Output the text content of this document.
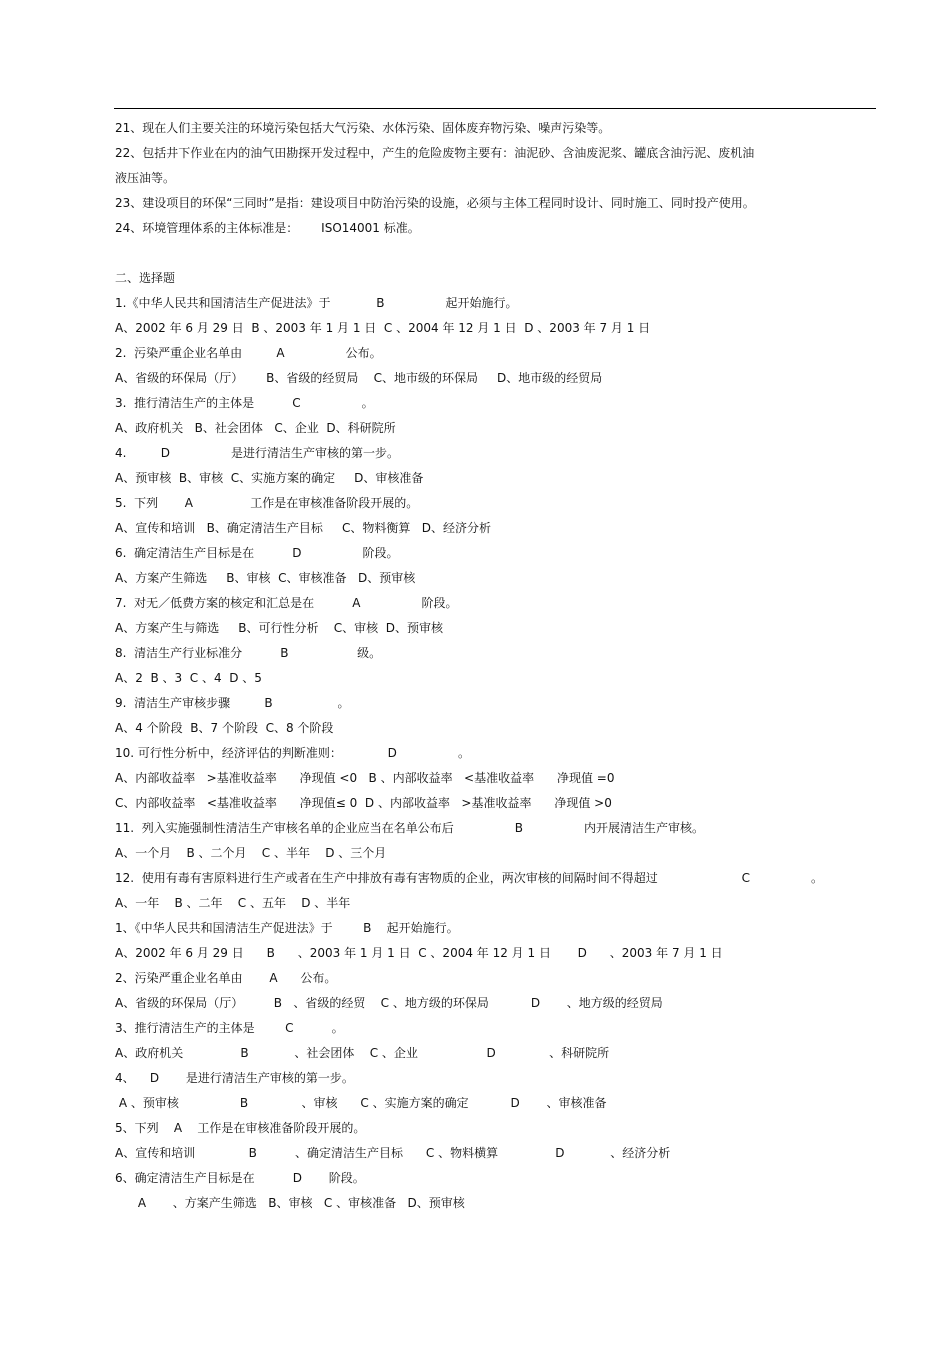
21、现在人们主要关注的环境污染包括大气污染、水体污染、固体废弃物污染、噪声污染等。
22、包括井下作业在内的油气田勘探开发过程中，产生的危险废物主要有：油泥砂、含油废泥浆、罐底含油污泥、废机油
液压油等。
23、建设项目的环保“三同时”是指：建设项目中防治污染的设施，必须与主体工程同时设计、同时施工、同时投产使用。
24、环境管理体系的主体标准是：      ISO14001 标准。
二、选择题
1.《中华人民共和国清洁生产促进法》于            B                起开始施行。
A、2002 年 6 月 29 日  B 、2003 年 1 月 1 日  C 、2004 年 12 月 1 日  D 、2003 年 7 月 1 日
2.  污染严重企业名单由         A                公布。
A、省级的环保局（厅）      B、省级的经贸局    C、地市级的环保局     D、地市级的经贸局
3.  推行清洁生产的主体是          C                。
A、政府机关   B、社会团体   C、企业  D、科研院所
4.         D                是进行清洁生产审核的第一步。
A、预审核  B、审核  C、实施方案的确定     D、审核准备
5.  下列       A               工作是在审核准备阶段开展的。
A、宣传和培训   B、确定清洁生产目标     C、物料衡算   D、经济分析
6.  确定清洁生产目标是在          D                阶段。
A、方案产生筛选     B、审核  C、审核准备   D、预审核
7.  对无／低费方案的核定和汇总是在          A                阶段。
A、方案产生与筛选     B、可行性分析    C、审核  D、预审核
8.  清洁生产行业标准分          B                  级。
A、2  B 、3  C 、4  D 、5
9.  清洁生产审核步骤         B                 。
A、4 个阶段  B、7 个阶段  C、8 个阶段
10. 可行性分析中，经济评估的判断准则：            D                。
A、内部收益率   >基准收益率      净现值 <0   B 、内部收益率   <基准收益率      净现值 =0
C、内部收益率   <基准收益率      净现值≤ 0  D 、内部收益率   >基准收益率      净现值 >0
11.  列入实施强制性清洁生产审核名单的企业应当在名单公布后                B                内开展清洁生产审核。
A、一个月    B 、二个月    C 、半年    D 、三个月
12.  使用有毒有害原料进行生产或者在生产中排放有毒有害物质的企业，两次审核的间隔时间不得超过                      C                。
A、一年    B 、二年    C 、五年    D 、半年
1、《中华人民共和国清洁生产促进法》于        B    起开始施行。
A、2002 年 6 月 29 日      B      、2003 年 1 月 1 日  C 、2004 年 12 月 1 日       D      、2003 年 7 月 1 日
2、污染严重企业名单由       A      公布。
A、省级的环保局（厅）        B   、省级的经贸    C 、地方级的环保局           D       、地方级的经贸局
3、推行清洁生产的主体是        C          。
A、政府机关               B            、社会团体    C 、企业                  D              、科研院所
4、    D       是进行清洁生产审核的第一步。
A 、预审核                B              、审核      C 、实施方案的确定           D       、审核准备
5、下列    A    工作是在审核准备阶段开展的。
A、宣传和培训              B          、确定清洁生产目标      C 、物料横算               D            、经济分析
6、确定清洁生产目标是在          D       阶段。
A       、方案产生筛选   B、审核   C 、审核准备   D、预审核
